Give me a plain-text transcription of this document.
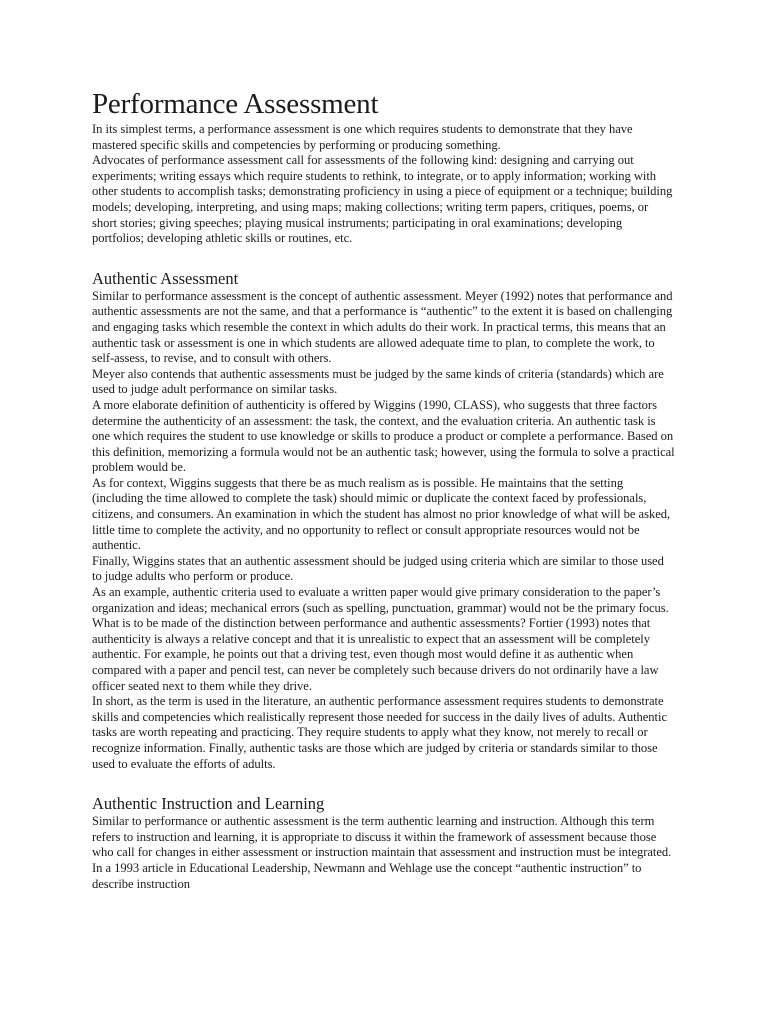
Performance Assessment

In its simplest terms, a performance assessment is one which requires students to demonstrate that they have mastered specific skills and competencies by performing or producing something.

Advocates of performance assessment call for assessments of the following kind: designing and carrying out experiments; writing essays which require students to rethink, to integrate, or to apply information; working with other students to accomplish tasks; demonstrating proficiency in using a piece of equipment or a technique; building models; developing, interpreting, and using maps; making collections; writing term papers, critiques, poems, or short stories; giving speeches; playing musical instruments; participating in oral examinations; developing portfolios; developing athletic skills or routines, etc.

Authentic Assessment

Similar to performance assessment is the concept of authentic assessment. Meyer (1992) notes that performance and authentic assessments are not the same, and that a performance is “authentic” to the extent it is based on challenging and engaging tasks which resemble the context in which adults do their work. In practical terms, this means that an authentic task or assessment is one in which students are allowed adequate time to plan, to complete the work, to self-assess, to revise, and to consult with others.

Meyer also contends that authentic assessments must be judged by the same kinds of criteria (standards) which are used to judge adult performance on similar tasks.

A more elaborate definition of authenticity is offered by Wiggins (1990, CLASS), who suggests that three factors determine the authenticity of an assessment: the task, the context, and the evaluation criteria. An authentic task is one which requires the student to use knowledge or skills to produce a product or complete a performance. Based on this definition, memorizing a formula would not be an authentic task; however, using the formula to solve a practical problem would be.

As for context, Wiggins suggests that there be as much realism as is possible. He maintains that the setting (including the time allowed to complete the task) should mimic or duplicate the context faced by professionals, citizens, and consumers. An examination in which the student has almost no prior knowledge of what will be asked, little time to complete the activity, and no opportunity to reflect or consult appropriate resources would not be authentic.

Finally, Wiggins states that an authentic assessment should be judged using criteria which are similar to those used to judge adults who perform or produce.

As an example, authentic criteria used to evaluate a written paper would give primary consideration to the paper’s organization and ideas; mechanical errors (such as spelling, punctuation, grammar) would not be the primary focus.

What is to be made of the distinction between performance and authentic assessments? Fortier (1993) notes that authenticity is always a relative concept and that it is unrealistic to expect that an assessment will be completely authentic. For example, he points out that a driving test, even though most would define it as authentic when compared with a paper and pencil test, can never be completely such because drivers do not ordinarily have a law officer seated next to them while they drive.

In short, as the term is used in the literature, an authentic performance assessment requires students to demonstrate skills and competencies which realistically represent those needed for success in the daily lives of adults. Authentic tasks are worth repeating and practicing. They require students to apply what they know, not merely to recall or recognize information. Finally, authentic tasks are those which are judged by criteria or standards similar to those used to evaluate the efforts of adults.

Authentic Instruction and Learning

Similar to performance or authentic assessment is the term authentic learning and instruction. Although this term refers to instruction and learning, it is appropriate to discuss it within the framework of assessment because those who call for changes in either assessment or instruction maintain that assessment and instruction must be integrated. In a 1993 article in Educational Leadership, Newmann and Wehlage use the concept “authentic instruction” to describe instruction
